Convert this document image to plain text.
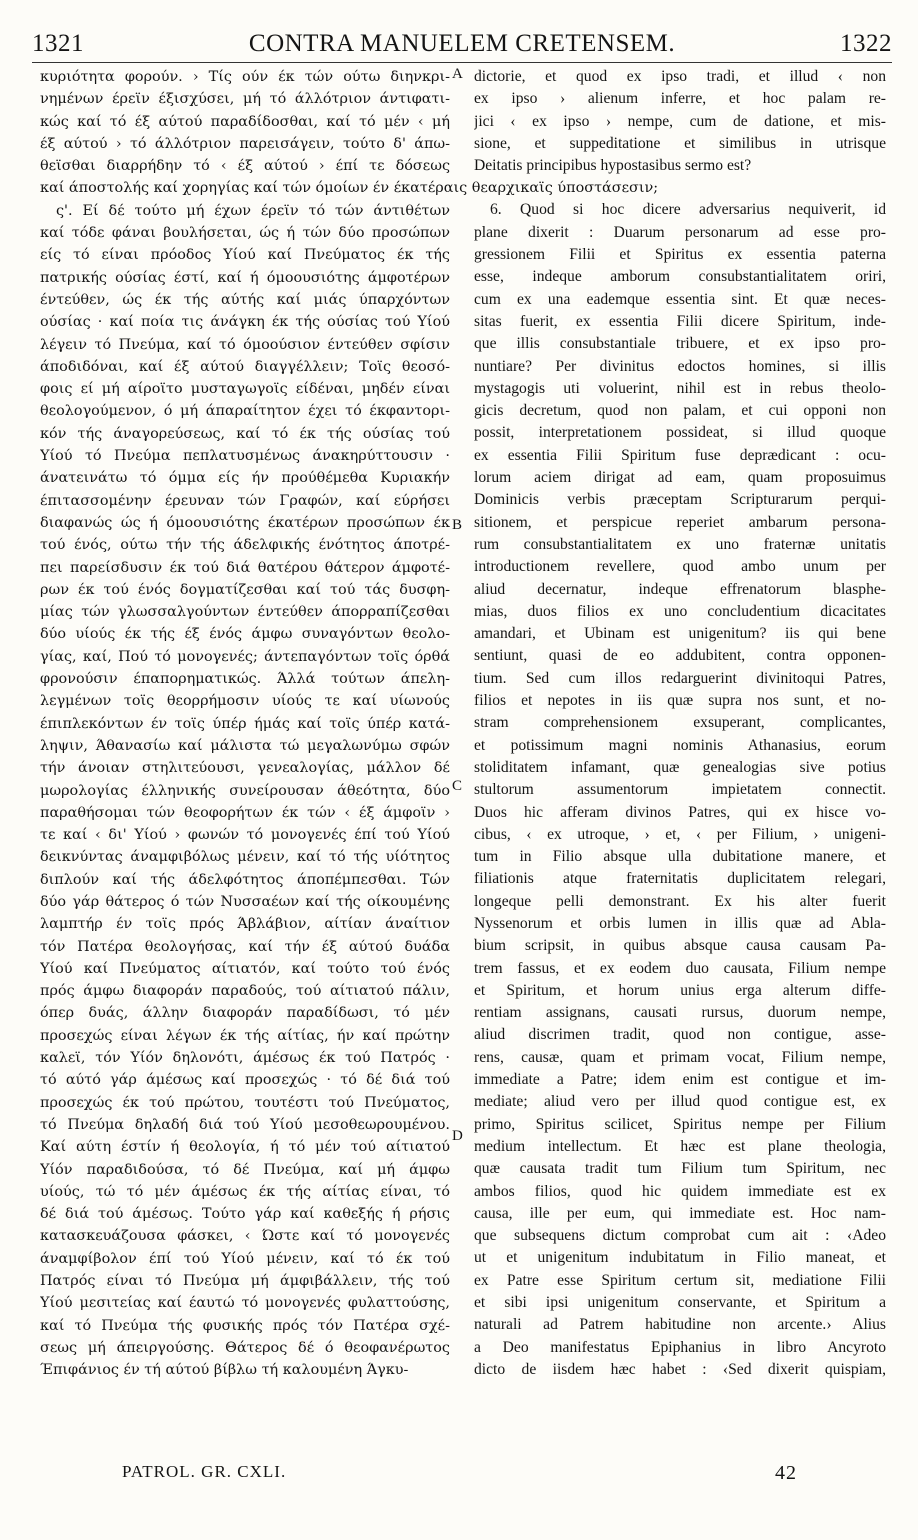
1321	CONTRA MANUELEM CRETENSEM.	1322
κυριότητα φορούν. › Τίς ούν έκ τών ούτω διηνκρι-
νημένων έρεϊν έξισχύσει, μή τό άλλότριον άντιφατι-
κώς καί τό έξ αύτού παραδίδοσθαι, καί τό μέν ‹ μή
έξ αύτού › τό άλλότριον παρεισάγειν, τούτο δ' άπω-
θεϊσθαι διαρρήδην τό ‹ έξ αύτού › έπί τε δόσεως
καί άποστολής καί χορηγίας καί τών όμοίων έν έκατέραις θεαρχικαϊς ύποστάσεσιν;
ς'. Εί δέ τούτο μή έχων έρεϊν τό τών άντιθέτων
καί τόδε φάναι βουλήσεται, ώς ή τών δύο προσώπων
είς τό είναι πρόοδος Υίού καί Πνεύματος έκ τής
πατρικής ούσίας έστί, καί ή όμοουσιότης άμφοτέρων
έντεύθεν, ώς έκ τής αύτής καί μιάς ύπαρχόντων
ούσίας · καί ποία τις άνάγκη έκ τής ούσίας τού Υίού
λέγειν τό Πνεύμα, καί τό όμοούσιον έντεύθεν σφίσιν
άποδιδόναι, καί έξ αύτού διαγγέλλειν; Τοϊς θεοσό-
φοις εί μή αίροϊτο μυσταγωγοϊς είδέναι, μηδέν είναι
θεολογούμενον, ό μή άπαραίτητον έχει τό έκφαντορι-
κόν τής άναγορεύσεως, καί τό έκ τής ούσίας τού
Υίού τό Πνεύμα πεπλατυσμένως άνακηρύττουσιν ·
άνατεινάτω τό όμμα είς ήν προύθέμεθα Κυριακήν
έπιτασσομένην έρευναν τών Γραφών, καί εύρήσει
διαφανώς ώς ή όμοουσιότης έκατέρων προσώπων έκ
τού ένός, ούτω τήν τής άδελφικής ένότητος άποτρέ-
πει παρείσδυσιν έκ τού διά θατέρου θάτερον άμφοτέ-
ρων έκ τού ένός δογματίζεσθαι καί τού τάς δυσφη-
μίας τών γλωσσαλγούντων έντεύθεν άπορραπίζεσθαι
δύο υίούς έκ τής έξ ένός άμφω συναγόντων θεολο-
γίας, καί, Πού τό μονογενές; άντεπαγόντων τοϊς όρθά
φρονούσιν έπαπορηματικώς. Άλλά τούτων άπελη-
λεγμένων τοϊς θεορρήμοσιν υίούς τε καί υίωνούς
έπιπλεκόντων έν τοϊς ύπέρ ήμάς καί τοϊς ύπέρ κατά-
ληψιν, Άθανασίω καί μάλιστα τώ μεγαλωνύμω σφών
τήν άνοιαν στηλιτεύουσι, γενεαλογίας, μάλλον δέ
μωρολογίας έλληνικής συνείρουσαν άθεότητα, δύο
παραθήσομαι τών θεοφορήτων έκ τών ‹ έξ άμφοϊν ›
τε καί ‹ δι' Υίού › φωνών τό μονογενές έπί τού Υίού
δεικνύντας άναμφιβόλως μένειν, καί τό τής υίότητος
διπλούν καί τής άδελφότητος άποπέμπεσθαι. Τών
δύο γάρ θάτερος ό τών Νυσσαέων καί τής οίκουμένης
λαμπτήρ έν τοϊς πρός Άβλάβιον, αίτίαν άναίτιον
τόν Πατέρα θεολογήσας, καί τήν έξ αύτού δυάδα
Υίού καί Πνεύματος αίτιατόν, καί τούτο τού ένός
πρός άμφω διαφοράν παραδούς, τού αίτιατού πάλιν,
όπερ δυάς, άλλην διαφοράν παραδίδωσι, τό μέν
προσεχώς είναι λέγων έκ τής αίτίας, ήν καί πρώτην
καλεϊ, τόν Υίόν δηλονότι, άμέσως έκ τού Πατρός ·
τό αύτό γάρ άμέσως καί προσεχώς · τό δέ διά τού
προσεχώς έκ τού πρώτου, τουτέστι τού Πνεύματος,
τό Πνεύμα δηλαδή διά τού Υίού μεσοθεωρουμένου.
Καί αύτη έστίν ή θεολογία, ή τό μέν τού αίτιατού
Υίόν παραδιδούσα, τό δέ Πνεύμα, καί μή άμφω
υίούς, τώ τό μέν άμέσως έκ τής αίτίας είναι, τό
δέ διά τού άμέσως. Τούτο γάρ καί καθεξής ή ρήσις
κατασκευάζουσα φάσκει, ‹ Ώστε καί τό μονογενές
άναμφίβολον έπί τού Υίού μένειν, καί τό έκ τού
Πατρός είναι τό Πνεύμα μή άμφιβάλλειν, τής τού
Υίού μεσιτείας καί έαυτώ τό μονογενές φυλαττούσης,
καί τό Πνεύμα τής φυσικής πρός τόν Πατέρα σχέ-
σεως μή άπειργούσης. Θάτερος δέ ό θεοφανέρωτος
Έπιφάνιος έν τή αύτού βίβλω τή καλουμένη Άγκυ-
dictorie, et quod ex ipso tradi, et illud ‹ non
ex ipso › alienum inferre, et hoc palam re-
jici ‹ ex ipso › nempe, cum de datione, et mis-
sione, et suppeditatione et similibus in utrisque
Deitatis principibus hypostasibus sermo est?
6. Quod si hoc dicere adversarius nequiverit, id
plane dixerit : Duarum personarum ad esse pro-
gressionem Filii et Spiritus ex essentia paterna
esse, indeque amborum consubstantialitatem oriri,
cum ex una eademque essentia sint. Et quæ neces-
sitas fuerit, ex essentia Filii dicere Spiritum, inde-
que illis consubstantiale tribuere, et ex ipso pro-
nuntiare? Per divinitus edoctos homines, si illis
mystagogis uti voluerint, nihil est in rebus theolo-
gicis decretum, quod non palam, et cui opponi non
possit, interpretationem possideat, si illud quoque
ex essentia Filii Spiritum fuse deprædicant : ocu-
lorum aciem dirigat ad eam, quam proposuimus
Dominicis verbis præceptam Scripturarum perqui-
sitionem, et perspicue reperiet ambarum persona-
rum consubstantialitatem ex uno fraternæ unitatis
introductionem revellere, quod ambo unum per
aliud decernatur, indeque effrenatorum blasphe-
mias, duos filios ex uno concludentium dicacitates
amandari, et Ubinam est unigenitum? iis qui bene
sentiunt, quasi de eo addubitent, contra opponen-
tium. Sed cum illos redarguerint divinitoqui Patres,
filios et nepotes in iis quæ supra nos sunt, et no-
stram comprehensionem exsuperant, complicantes,
et potissimum magni nominis Athanasius, eorum
stoliditatem infamant, quæ genealogias sive potius
stultorum assumentorum impietatem connectit.
Duos hic afferam divinos Patres, qui ex hisce vo-
cibus, ‹ ex utroque, › et, ‹ per Filium, › unigeni-
tum in Filio absque ulla dubitatione manere, et
filiationis atque fraternitatis duplicitatem relegari,
longeque pelli demonstrant. Ex his alter fuerit
Nyssenorum et orbis lumen in illis quæ ad Abla-
bium scripsit, in quibus absque causa causam Pa-
trem fassus, et ex eodem duo causata, Filium nempe
et Spiritum, et horum unius erga alterum diffe-
rentiam assignans, causati rursus, duorum nempe,
aliud discrimen tradit, quod non contigue, asse-
rens, causæ, quam et primam vocat, Filium nempe,
immediate a Patre; idem enim est contigue et im-
mediate; aliud vero per illud quod contigue est, ex
primo, Spiritus scilicet, Spiritus nempe per Filium
medium intellectum. Et hæc est plane theologia,
quæ causata tradit tum Filium tum Spiritum, nec
ambos filios, quod hic quidem immediate est ex
causa, ille per eum, qui immediate est. Hoc nam-
que subsequens dictum comprobat cum ait : ‹Adeo
ut et unigenitum indubitatum in Filio maneat, et
ex Patre esse Spiritum certum sit, mediatione Filii
et sibi ipsi unigenitum conservante, et Spiritum a
naturali ad Patrem habitudine non arcente.› Alius
a Deo manifestatus Epiphanius in libro Ancyroto
dicto de iisdem hæc habet : ‹Sed dixerit quispiam,
A
B
C
D
PATROL. GR. CXLI.	42
